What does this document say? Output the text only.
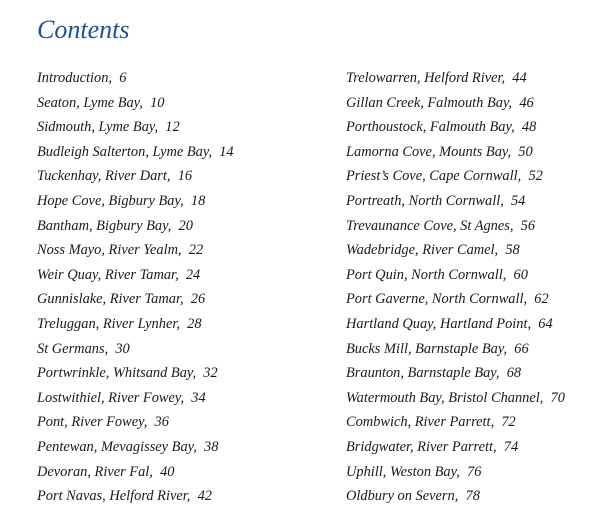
Contents
Introduction,  6
Seaton, Lyme Bay,  10
Sidmouth, Lyme Bay,  12
Budleigh Salterton, Lyme Bay,  14
Tuckenhay, River Dart,  16
Hope Cove, Bigbury Bay,  18
Bantham, Bigbury Bay,  20
Noss Mayo, River Yealm,  22
Weir Quay, River Tamar,  24
Gunnislake, River Tamar,  26
Treluggan, River Lynher,  28
St Germans,  30
Portwrinkle, Whitsand Bay,  32
Lostwithiel, River Fowey,  34
Pont, River Fowey,  36
Pentewan, Mevagissey Bay,  38
Devoran, River Fal,  40
Port Navas, Helford River,  42
Trelowarren, Helford River,  44
Gillan Creek, Falmouth Bay,  46
Porthoustock, Falmouth Bay,  48
Lamorna Cove, Mounts Bay,  50
Priest’s Cove, Cape Cornwall,  52
Portreath, North Cornwall,  54
Trevaunance Cove, St Agnes,  56
Wadebridge, River Camel,  58
Port Quin, North Cornwall,  60
Port Gaverne, North Cornwall,  62
Hartland Quay, Hartland Point,  64
Bucks Mill, Barnstaple Bay,  66
Braunton, Barnstaple Bay,  68
Watermouth Bay, Bristol Channel,  70
Combwich, River Parrett,  72
Bridgwater, River Parrett,  74
Uphill, Weston Bay,  76
Oldbury on Severn,  78
